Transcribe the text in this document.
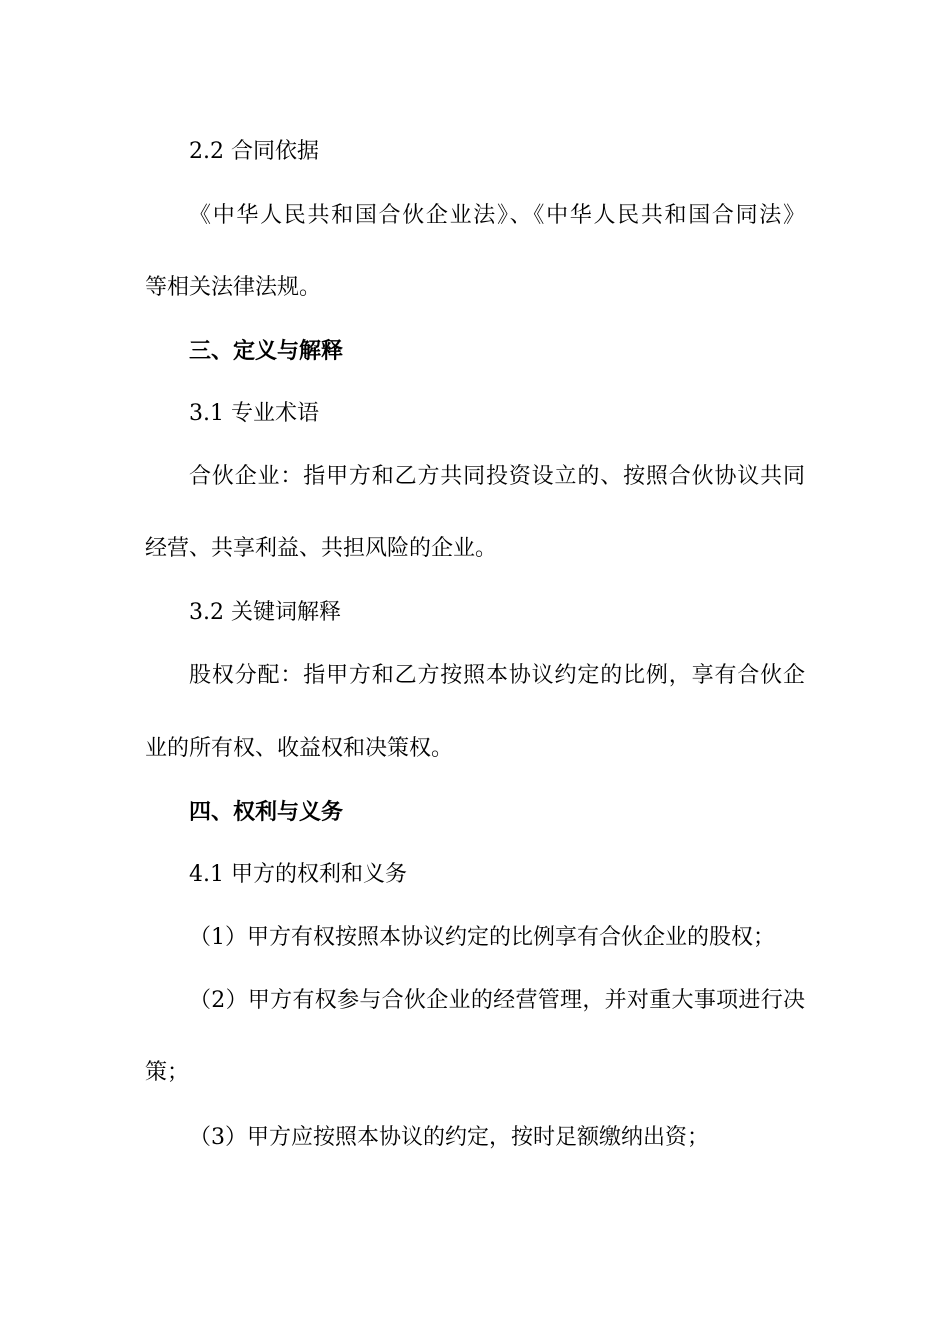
2.2 合同依据

《中华人民共和国合伙企业法》、《中华人民共和国合同法》

等相关法律法规。

三、定义与解释

3.1 专业术语

合伙企业：指甲方和乙方共同投资设立的、按照合伙协议共同

经营、共享利益、共担风险的企业。

3.2 关键词解释

股权分配：指甲方和乙方按照本协议约定的比例，享有合伙企

业的所有权、收益权和决策权。

四、权利与义务

4.1 甲方的权利和义务

（1）甲方有权按照本协议约定的比例享有合伙企业的股权；

（2）甲方有权参与合伙企业的经营管理，并对重大事项进行决

策；

（3）甲方应按照本协议的约定，按时足额缴纳出资；
